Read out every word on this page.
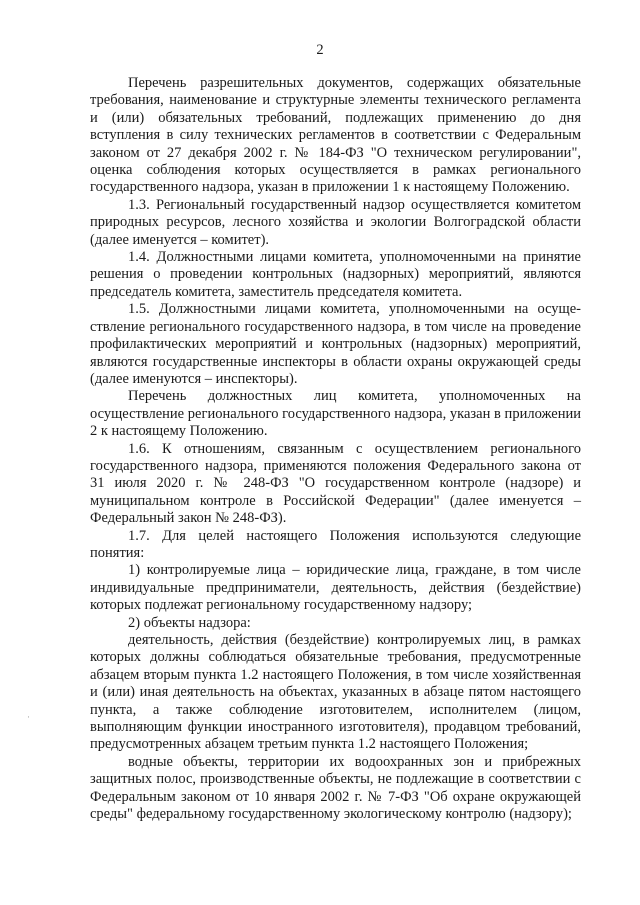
2
·

Перечень разрешительных документов, содержащих обязательные требования, наименование и структурные элементы технического регламента и (или) обязательных требований, подлежащих применению до дня вступления в силу технических регламентов в соответствии с Федеральным законом от 27 декабря 2002 г. № 184-ФЗ "О техническом регулировании", оценка соблюдения которых осуществляется в рамках регионального государственного надзора, указан в приложении 1 к настоящему Положению.

1.3. Региональный государственный надзор осуществляется комитетом природных ресурсов, лесного хозяйства и экологии Волгоградской области (далее именуется – комитет).

1.4. Должностными лицами комитета, уполномоченными на принятие решения о проведении контрольных (надзорных) мероприятий, являются председатель комитета, заместитель председателя комитета.

1.5. Должностными лицами комитета, уполномоченными на осуще-ствление регионального государственного надзора, в том числе на проведение профилактических мероприятий и контрольных (надзорных) мероприятий, являются государственные инспекторы в области охраны окружающей среды (далее именуются – инспекторы).

Перечень должностных лиц комитета, уполномоченных на осуществление регионального государственного надзора, указан в приложении 2 к настоящему Положению.

1.6. К отношениям, связанным с осуществлением регионального государственного надзора, применяются положения Федерального закона от 31 июля 2020 г. № 248-ФЗ "О государственном контроле (надзоре) и муниципальном контроле в Российской Федерации" (далее именуется – Федеральный закон № 248-ФЗ).

1.7. Для целей настоящего Положения используются следующие понятия:

1) контролируемые лица – юридические лица, граждане, в том числе индивидуальные предприниматели, деятельность, действия (бездействие) которых подлежат региональному государственному надзору;

2) объекты надзора:

деятельность, действия (бездействие) контролируемых лиц, в рамках которых должны соблюдаться обязательные требования, предусмотренные абзацем вторым пункта 1.2 настоящего Положения, в том числе хозяйственная и (или) иная деятельность на объектах, указанных в абзаце пятом настоящего пункта, а также соблюдение изготовителем, исполнителем (лицом, выполняющим функции иностранного изготовителя), продавцом требований, предусмотренных абзацем третьим пункта 1.2 настоящего Положения;

водные объекты, территории их водоохранных зон и прибрежных защитных полос, производственные объекты, не подлежащие в соответствии с Федеральным законом от 10 января 2002 г. № 7-ФЗ "Об охране окружающей среды" федеральному государственному экологическому контролю (надзору);
